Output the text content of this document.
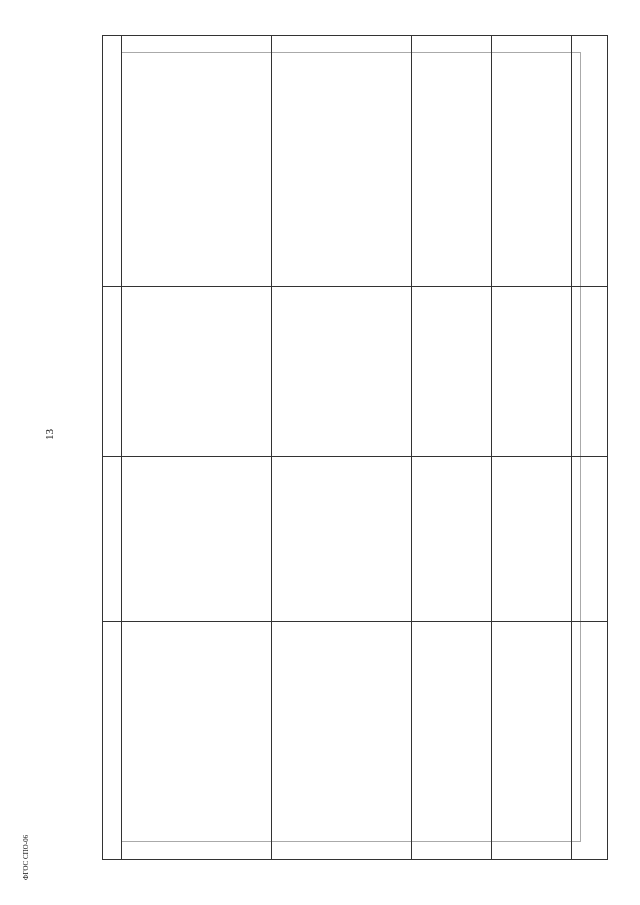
13
ФГОС СПО-06
